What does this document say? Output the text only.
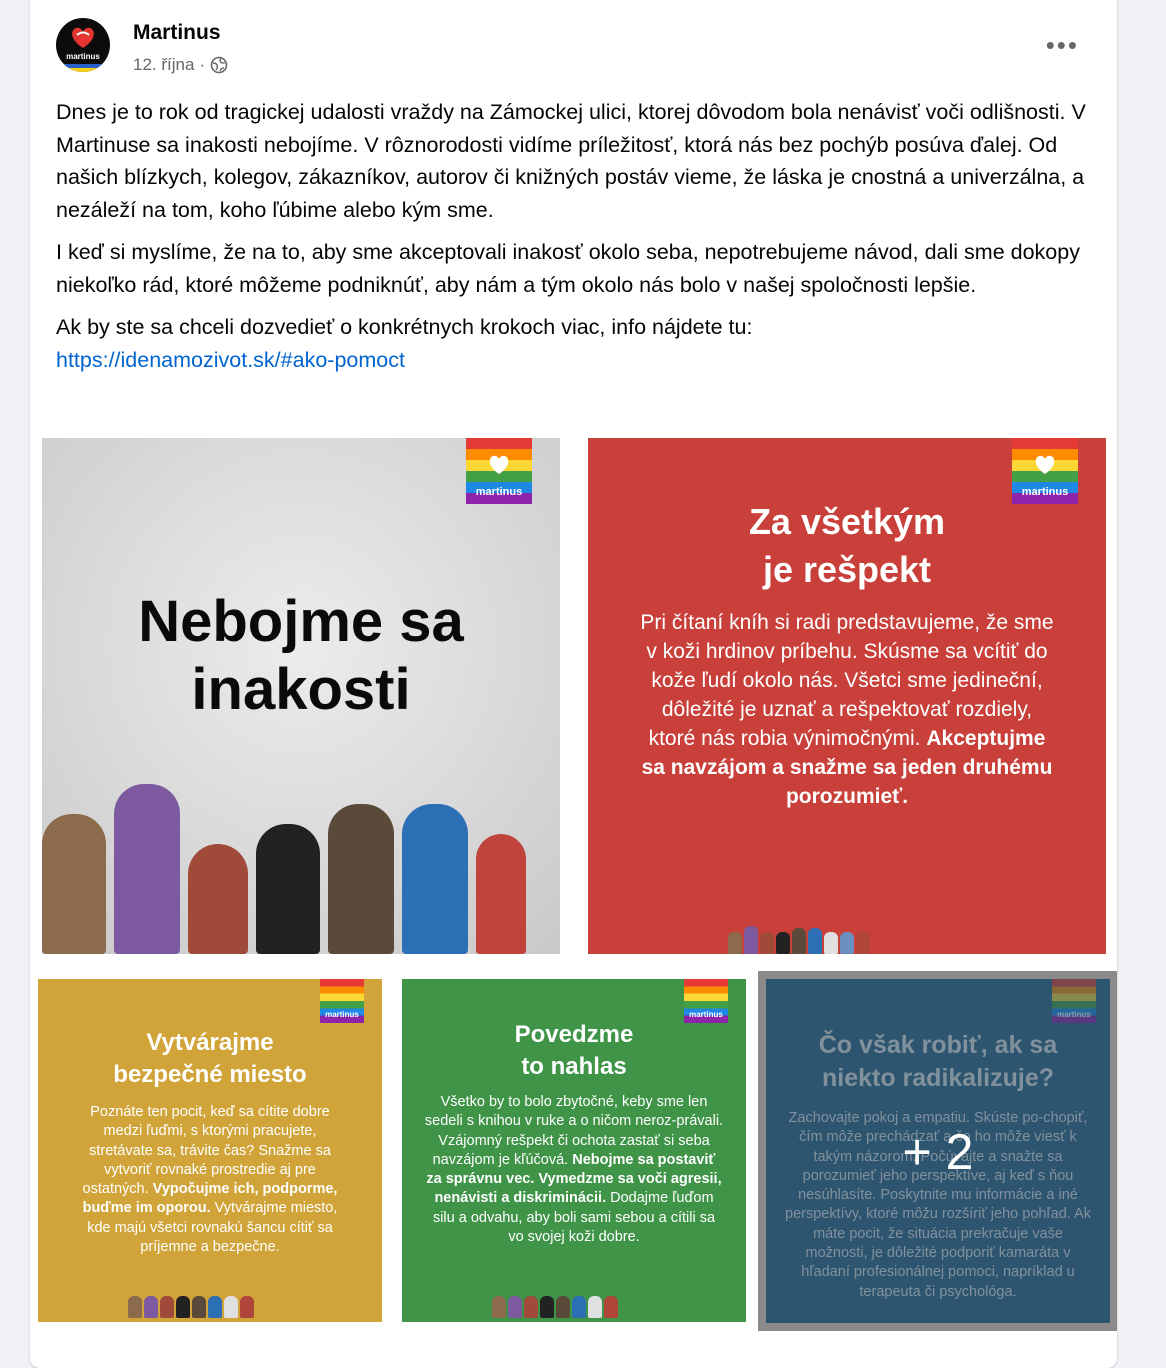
martinus
Martinus
12. října ·
•••

Dnes je to rok od tragickej udalosti vraždy na Zámockej ulici, ktorej dôvodom bola nenávisť voči odlišnosti. V Martinuse sa inakosti nebojíme. V rôznorodosti vidíme príležitosť, ktorá nás bez pochýb posúva ďalej. Od našich blízkych, kolegov, zákazníkov, autorov či knižných postáv vieme, že láska je cnostná a univerzálna, a nezáleží na tom, koho ľúbime alebo kým sme.

I keď si myslíme, že na to, aby sme akceptovali inakosť okolo seba, nepotrebujeme návod, dali sme dokopy niekoľko rád, ktoré môžeme podniknúť, aby nám a tým okolo nás bolo v našej spoločnosti lepšie.

Ak by ste sa chceli dozvedieť o konkrétnych krokoch viac, info nájdete tu:
https://idenamozivot.sk/#ako-pomoct

martinus
Nebojme sa
inakosti
martinus
Za všetkým
je rešpekt
Pri čítaní kníh si radi predstavujeme, že sme v koži hrdinov príbehu. Skúsme sa vcítiť do kože ľudí okolo nás. Všetci sme jedineční, dôležité je uznať a rešpektovať rozdiely, ktoré nás robia výnimočnými. Akceptujme sa navzájom a snažme sa jeden druhému porozumieť.
martinus
Vytvárajme
bezpečné miesto
Poznáte ten pocit, keď sa cítite dobre medzi ľuďmi, s ktorými pracujete, stretávate sa, trávite čas? Snažme sa vytvoriť rovnaké prostredie aj pre ostatných. Vypočujme ich, podporme, buďme im oporou. Vytvárajme miesto, kde majú všetci rovnakú šancu cítiť sa príjemne a bezpečne.
martinus
Povedzme
to nahlas
Všetko by to bolo zbytočné, keby sme len sedeli s knihou v ruke a o ničom neroz-právali. Vzájomný rešpekt či ochota zastať si seba navzájom je kľúčová. Nebojme sa postaviť za správnu vec. Vymedzme sa voči agresii, nenávisti a diskriminácii. Dodajme ľuďom silu a odvahu, aby boli sami sebou a cítili sa vo svojej koži dobre.
martinus
Čo však robiť, ak sa
niekto radikalizuje?
Zachovajte pokoj a empatiu. Skúste po-chopiť, čím môže prechádzať a čo ho môže viesť k takým názorom. Počúvajte a snažte sa porozumieť jeho perspektíve, aj keď s ňou nesúhlasíte. Poskytnite mu informácie a iné perspektívy, ktoré môžu rozšíriť jeho pohľad. Ak máte pocit, že situácia prekračuje vaše možnosti, je dôležité podporiť kamaráta v hľadaní profesionálnej pomoci, napríklad u terapeuta či psychológa.
+ 2
